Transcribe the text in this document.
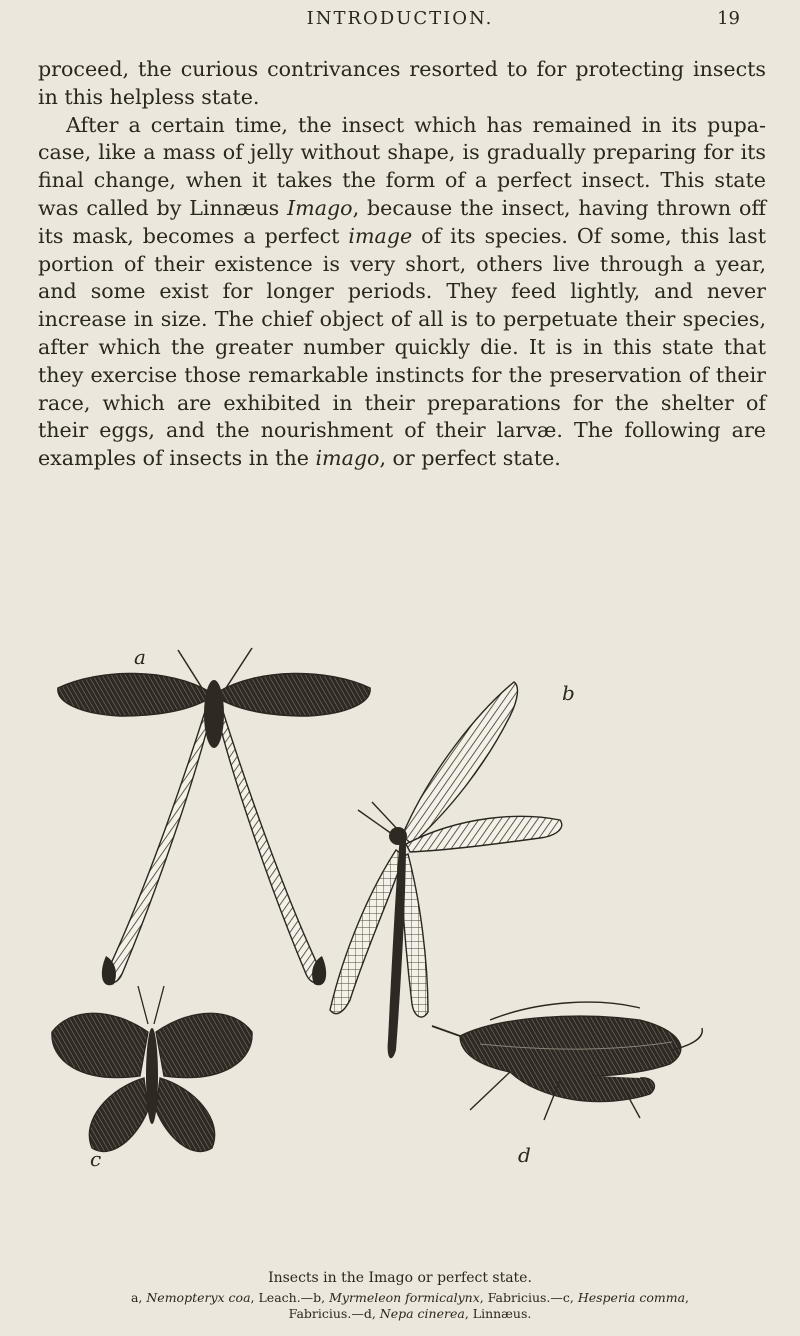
INTRODUCTION.	19

proceed, the curious contrivances resorted to for protecting insects in this helpless state.

After a certain time, the insect which has remained in its pupa-case, like a mass of jelly without shape, is gradually preparing for its final change, when it takes the form of a perfect insect. This state was called by Linnæus Imago, because the insect, having thrown off its mask, becomes a perfect image of its species. Of some, this last portion of their existence is very short, others live through a year, and some exist for longer periods. They feed lightly, and never increase in size. The chief object of all is to perpetuate their species, after which the greater number quickly die. It is in this state that they exercise those remarkable instincts for the preservation of their race, which are exhibited in their preparations for the shelter of their eggs, and the nourishment of their larvæ. The following are examples of insects in the imago, or perfect state.

a
b
c	d
Insects in the Imago or perfect state.
a, Nemopteryx coa, Leach.—b, Myrmeleon formicalynx, Fabricius.—c, Hesperia comma,
Fabricius.—d, Nepa cinerea, Linnæus.
